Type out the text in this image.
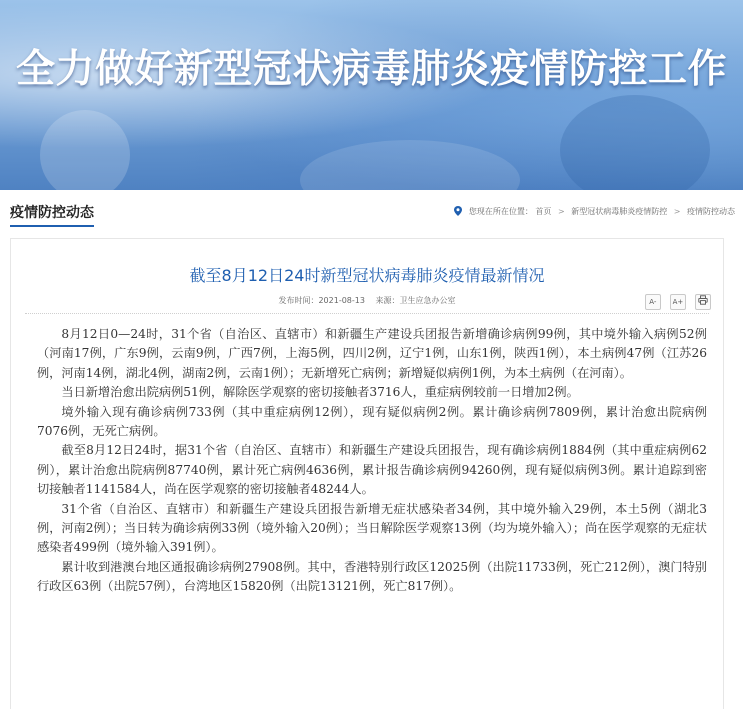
全力做好新型冠状病毒肺炎疫情防控工作
疫情防控动态	您现在所在位置： 首页 > 新型冠状病毒肺炎疫情防控 > 疫情防控动态
截至8月12日24时新型冠状病毒肺炎疫情最新情况
发布时间：2021-08-13 来源：卫生应急办公室	A- A+

8月12日0—24时，31个省（自治区、直辖市）和新疆生产建设兵团报告新增确诊病例99例，其中境外输入病例52例（河南17例，广东9例，云南9例，广西7例，上海5例，四川2例，辽宁1例，山东1例，陕西1例），本土病例47例（江苏26例，河南14例，湖北4例，湖南2例，云南1例）；无新增死亡病例；新增疑似病例1例，为本土病例（在河南）。

当日新增治愈出院病例51例，解除医学观察的密切接触者3716人，重症病例较前一日增加2例。

境外输入现有确诊病例733例（其中重症病例12例），现有疑似病例2例。累计确诊病例7809例，累计治愈出院病例7076例，无死亡病例。

截至8月12日24时，据31个省（自治区、直辖市）和新疆生产建设兵团报告，现有确诊病例1884例（其中重症病例62例），累计治愈出院病例87740例，累计死亡病例4636例，累计报告确诊病例94260例，现有疑似病例3例。累计追踪到密切接触者1141584人，尚在医学观察的密切接触者48244人。

31个省（自治区、直辖市）和新疆生产建设兵团报告新增无症状感染者34例，其中境外输入29例，本土5例（湖北3例，河南2例）；当日转为确诊病例33例（境外输入20例）；当日解除医学观察13例（均为境外输入）；尚在医学观察的无症状感染者499例（境外输入391例）。

累计收到港澳台地区通报确诊病例27908例。其中，香港特别行政区12025例（出院11733例，死亡212例），澳门特别行政区63例（出院57例），台湾地区15820例（出院13121例，死亡817例）。
